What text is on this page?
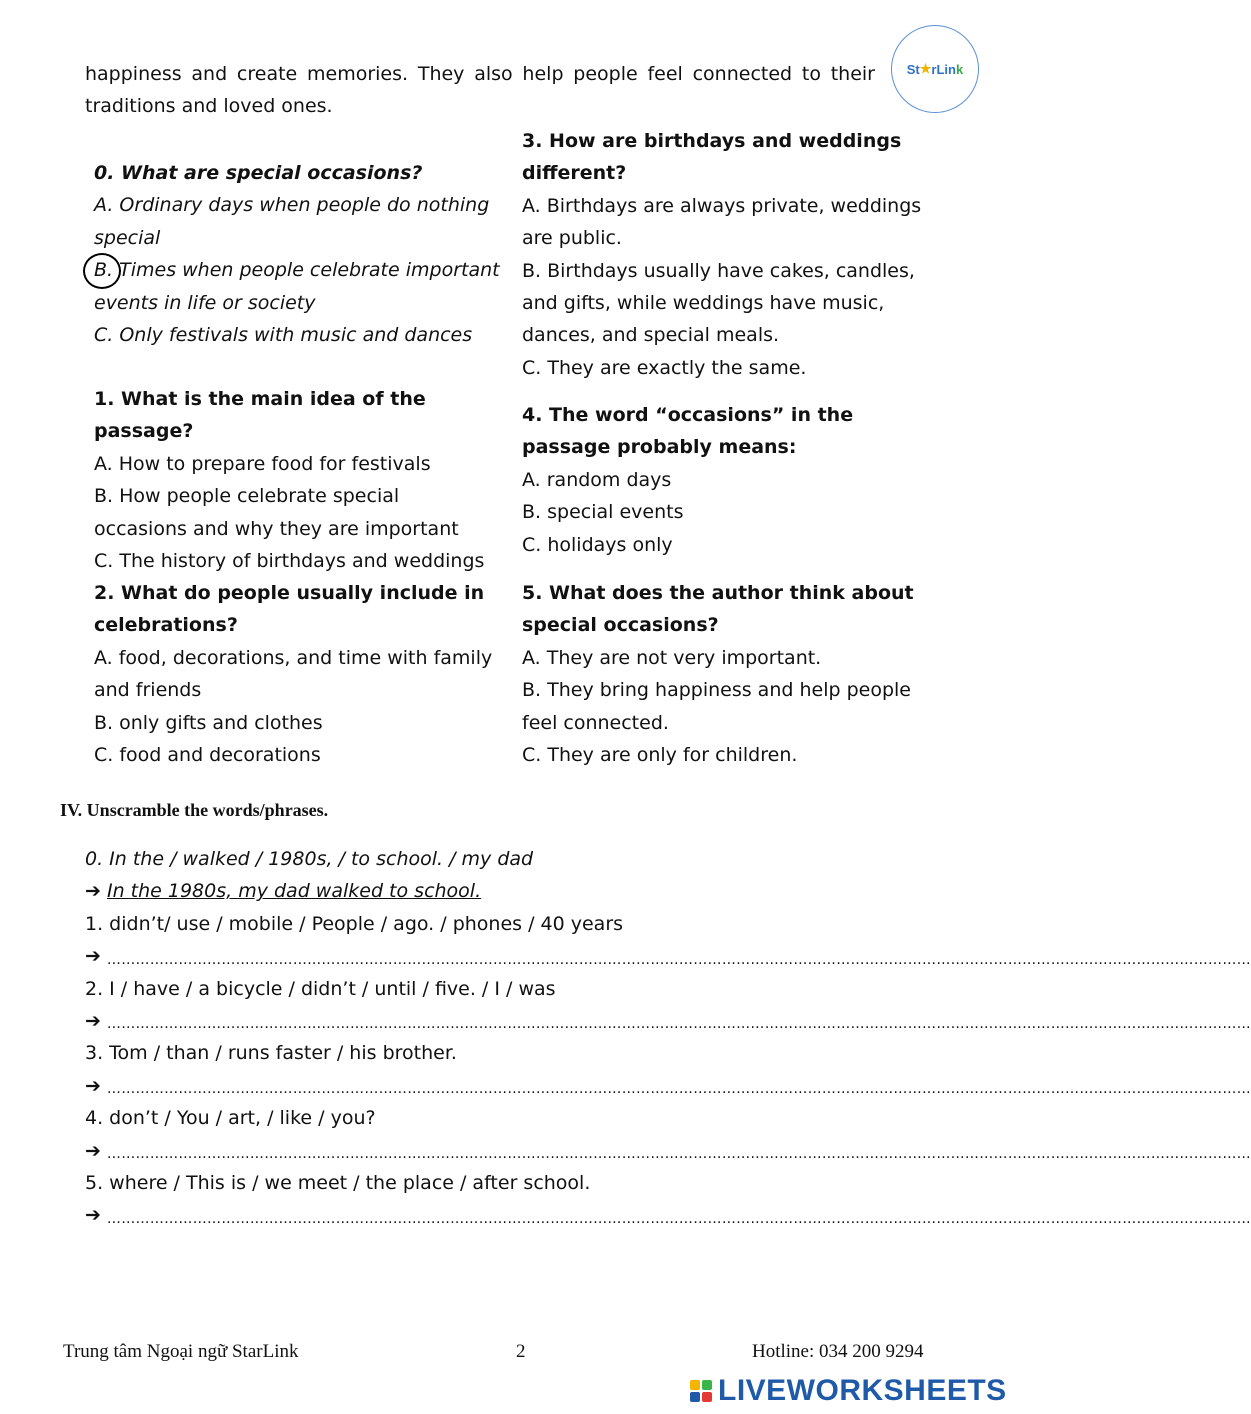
St ★ rLin k
happiness and create memories. They also help people feel connected to their
traditions and loved ones.
0. What are special occasions?
A. Ordinary days when people do nothing special
B. Times when people celebrate important events in life or society
C. Only festivals with music and dances
1. What is the main idea of the passage?
A. How to prepare food for festivals
B. How people celebrate special occasions and why they are important
C. The history of birthdays and weddings
2. What do people usually include in celebrations?
A. food, decorations, and time with family and friends
B. only gifts and clothes
C. food and decorations
3. How are birthdays and weddings different?
A. Birthdays are always private, weddings are public.
B. Birthdays usually have cakes, candles, and gifts, while weddings have music, dances, and special meals.
C. They are exactly the same.
4. The word “occasions” in the passage probably means:
A. random days
B. special events
C. holidays only
5. What does the author think about special occasions?
A. They are not very important.
B. They bring happiness and help people feel connected.
C. They are only for children.
IV. Unscramble the words/phrases.
0. In the / walked / 1980s, / to school. / my dad
➔ In the 1980s, my dad walked to school.
1. didn’t/ use / mobile / People / ago. / phones / 40 years
➔ ……………………………………………………………………………………………………………………………………………………………………………………………………………………
2. I / have / a bicycle / didn’t / until / five. / I / was
➔ ……………………………………………………………………………………………………………………………………………………………………………………………………………………
3. Tom / than / runs faster / his brother.
➔ ……………………………………………………………………………………………………………………………………………………………………………………………………………………
4. don’t / You / art, / like / you?
➔ ……………………………………………………………………………………………………………………………………………………………………………………………………………………
5. where / This is / we meet / the place / after school.
➔ ……………………………………………………………………………………………………………………………………………………………………………………………………………………
Trung tâm Ngoại ngữ StarLink	2	Hotline: 034 200 9294
LIVEWORKSHEETS
